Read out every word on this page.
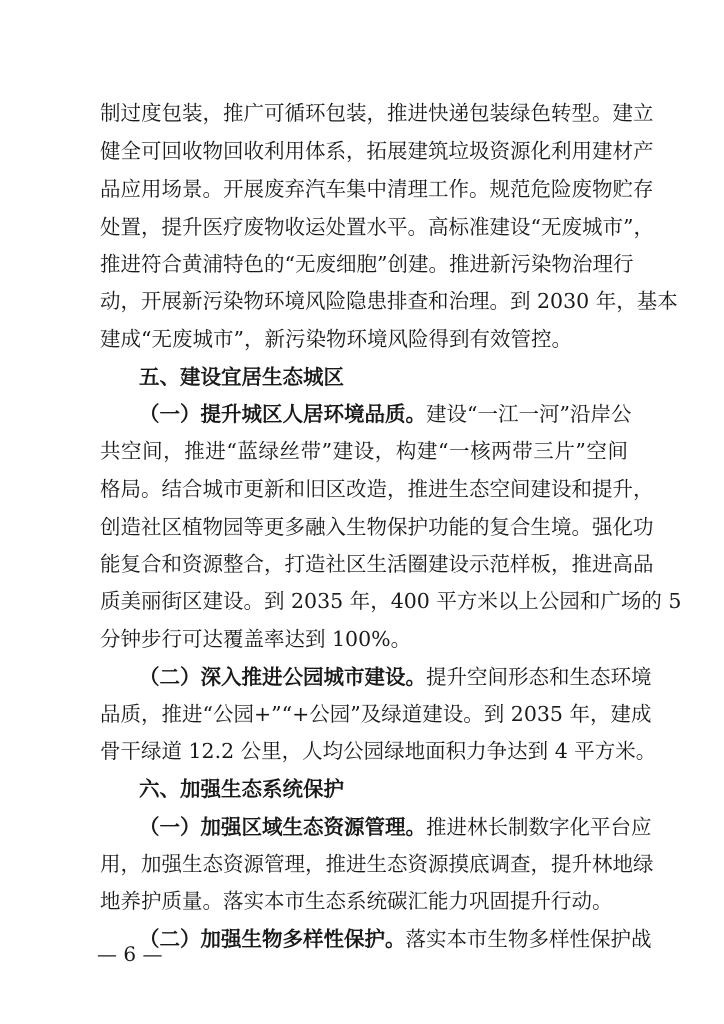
制过度包装，推广可循环包装，推进快递包装绿色转型。建立
健全可回收物回收利用体系，拓展建筑垃圾资源化利用建材产
品应用场景。开展废弃汽车集中清理工作。规范危险废物贮存
处置，提升医疗废物收运处置水平。高标准建设“无废城市”，
推进符合黄浦特色的“无废细胞”创建。推进新污染物治理行
动，开展新污染物环境风险隐患排查和治理。到 2030 年，基本
建成“无废城市”，新污染物环境风险得到有效管控。
五、建设宜居生态城区
（一）提升城区人居环境品质。建设“一江一河”沿岸公
共空间，推进“蓝绿丝带”建设，构建“一核两带三片”空间
格局。结合城市更新和旧区改造，推进生态空间建设和提升，
创造社区植物园等更多融入生物保护功能的复合生境。强化功
能复合和资源整合，打造社区生活圈建设示范样板，推进高品
质美丽街区建设。到 2035 年，400 平方米以上公园和广场的 5
分钟步行可达覆盖率达到 100%。
（二）深入推进公园城市建设。提升空间形态和生态环境
品质，推进“公园+”“+公园”及绿道建设。到 2035 年，建成
骨干绿道 12.2 公里，人均公园绿地面积力争达到 4 平方米。
六、加强生态系统保护
（一）加强区域生态资源管理。推进林长制数字化平台应
用，加强生态资源管理，推进生态资源摸底调查，提升林地绿
地养护质量。落实本市生态系统碳汇能力巩固提升行动。
（二）加强生物多样性保护。落实本市生物多样性保护战
— 6 —
